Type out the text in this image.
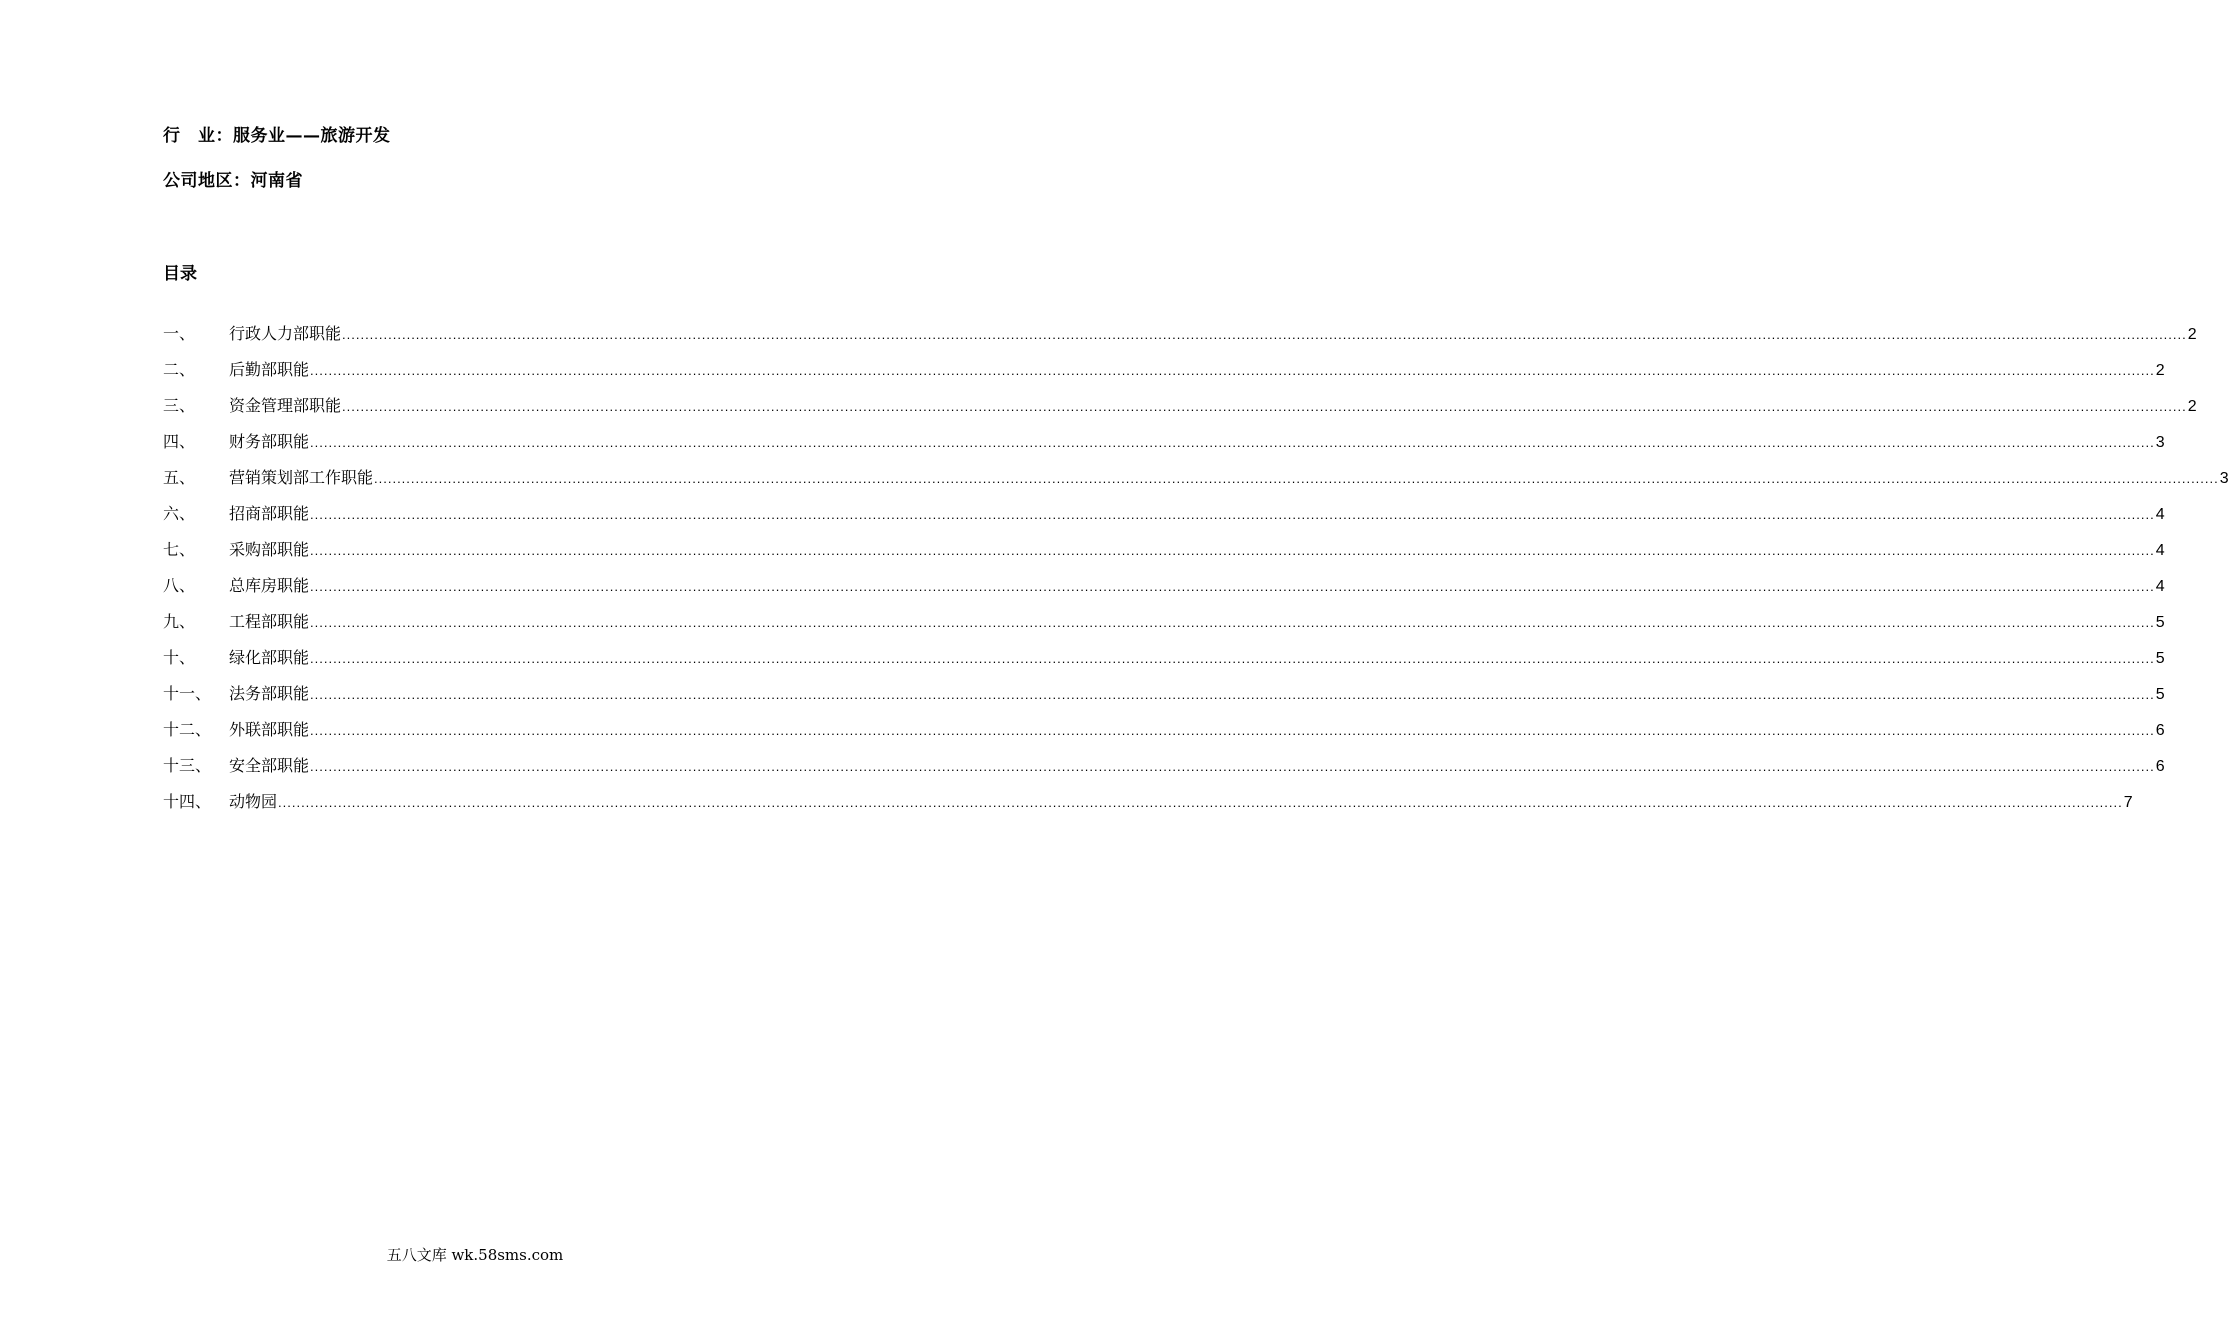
行　业：服务业——旅游开发
公司地区：河南省
目录
一、	行政人力部职能 ................................................................................................................................................................................................................................................................................................................................................................................................................ 2
二、	后勤部职能 ................................................................................................................................................................................................................................................................................................................................................................................................................ 2
三、	资金管理部职能 ................................................................................................................................................................................................................................................................................................................................................................................................................ 2
四、	财务部职能 ................................................................................................................................................................................................................................................................................................................................................................................................................ 3
五、	营销策划部工作职能 ................................................................................................................................................................................................................................................................................................................................................................................................................ 3
六、	招商部职能 ................................................................................................................................................................................................................................................................................................................................................................................................................ 4
七、	采购部职能 ................................................................................................................................................................................................................................................................................................................................................................................................................ 4
八、	总库房职能 ................................................................................................................................................................................................................................................................................................................................................................................................................ 4
九、	工程部职能 ................................................................................................................................................................................................................................................................................................................................................................................................................ 5
十、	绿化部职能 ................................................................................................................................................................................................................................................................................................................................................................................................................ 5
十一、	法务部职能 ................................................................................................................................................................................................................................................................................................................................................................................................................ 5
十二、	外联部职能 ................................................................................................................................................................................................................................................................................................................................................................................................................ 6
十三、	安全部职能 ................................................................................................................................................................................................................................................................................................................................................................................................................ 6
十四、	动物园 ................................................................................................................................................................................................................................................................................................................................................................................................................ 7
五八文库 wk.58sms.com
